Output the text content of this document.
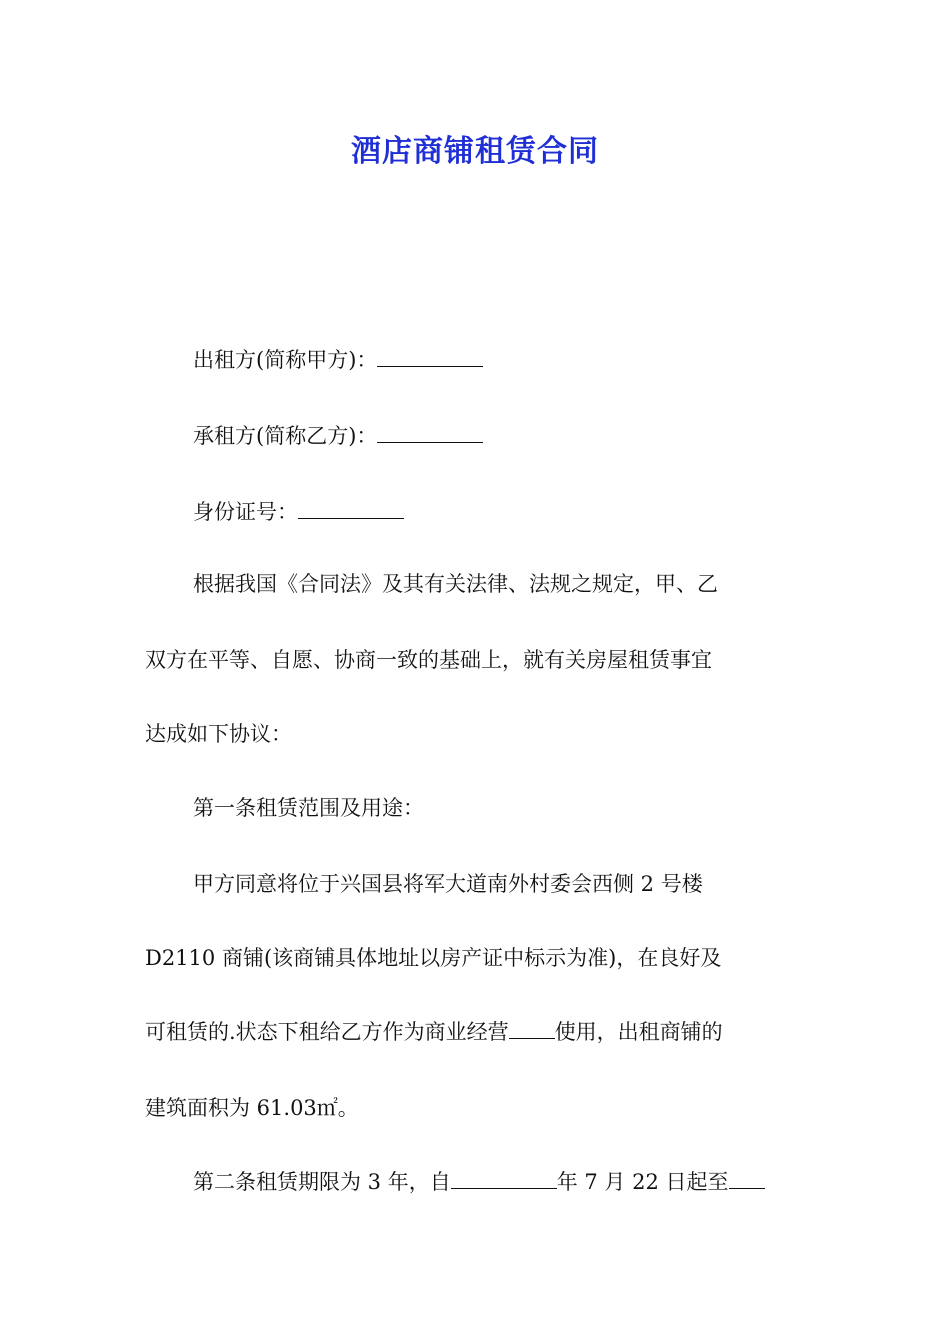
酒店商铺租赁合同
出租方(简称甲方)：
承租方(简称乙方)：
身份证号：
根据我国《合同法》及其有关法律、法规之规定，甲、乙
双方在平等、自愿、协商一致的基础上，就有关房屋租赁事宜
达成如下协议：
第一条租赁范围及用途：
甲方同意将位于兴国县将军大道南外村委会西侧 2 号楼
D2110 商铺(该商铺具体地址以房产证中标示为准)，在良好及
可租赁的.状态下租给乙方作为商业经营 使用，出租商铺的
建筑面积为 61.03㎡。
第二条租赁期限为 3 年，自	年 7 月 22 日起至
